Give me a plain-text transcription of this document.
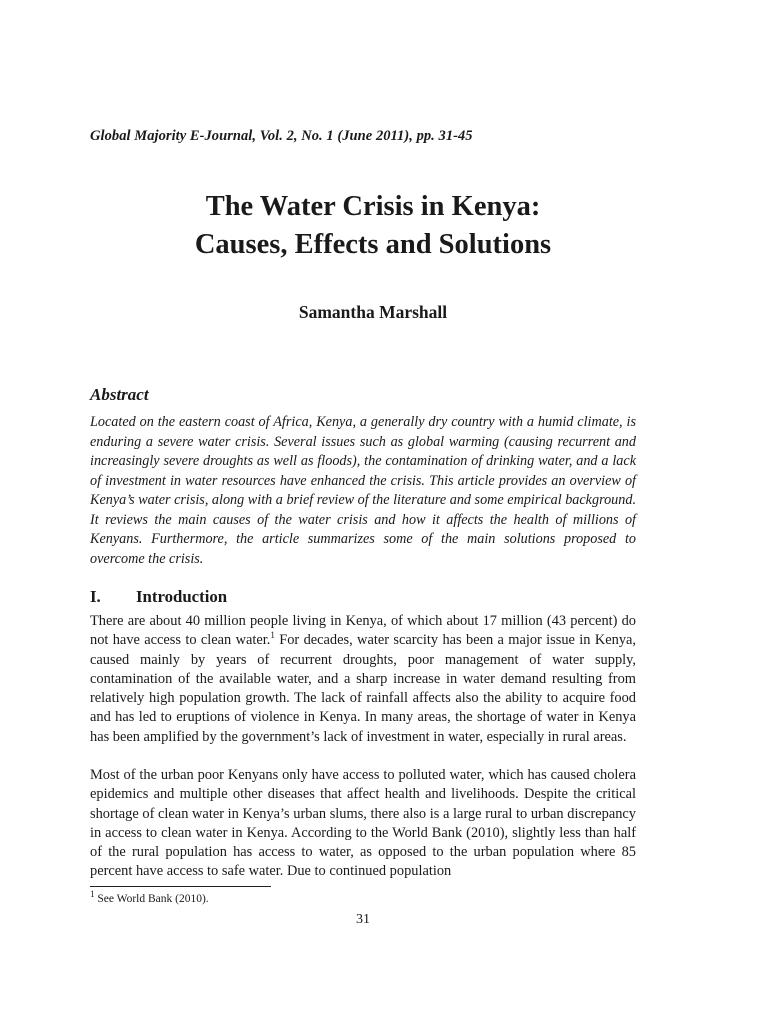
Global Majority E-Journal, Vol. 2, No. 1 (June 2011), pp. 31-45
The Water Crisis in Kenya:
Causes, Effects and Solutions
Samantha Marshall
Abstract
Located on the eastern coast of Africa, Kenya, a generally dry country with a humid climate, is enduring a severe water crisis. Several issues such as global warming (causing recurrent and increasingly severe droughts as well as floods), the contamination of drinking water, and a lack of investment in water resources have enhanced the crisis. This article provides an overview of Kenya’s water crisis, along with a brief review of the literature and some empirical background. It reviews the main causes of the water crisis and how it affects the health of millions of Kenyans. Furthermore, the article summarizes some of the main solutions proposed to overcome the crisis.
I. Introduction
There are about 40 million people living in Kenya, of which about 17 million (43 percent) do not have access to clean water.$^1$ For decades, water scarcity has been a major issue in Kenya, caused mainly by years of recurrent droughts, poor management of water supply, contamination of the available water, and a sharp increase in water demand resulting from relatively high population growth. The lack of rainfall affects also the ability to acquire food and has led to eruptions of violence in Kenya. In many areas, the shortage of water in Kenya has been amplified by the government’s lack of investment in water, especially in rural areas.
Most of the urban poor Kenyans only have access to polluted water, which has caused cholera epidemics and multiple other diseases that affect health and livelihoods. Despite the critical shortage of clean water in Kenya’s urban slums, there also is a large rural to urban discrepancy in access to clean water in Kenya. According to the World Bank (2010), slightly less than half of the rural population has access to water, as opposed to the urban population where 85 percent have access to safe water. Due to continued population
$^1$ See World Bank (2010).
31
